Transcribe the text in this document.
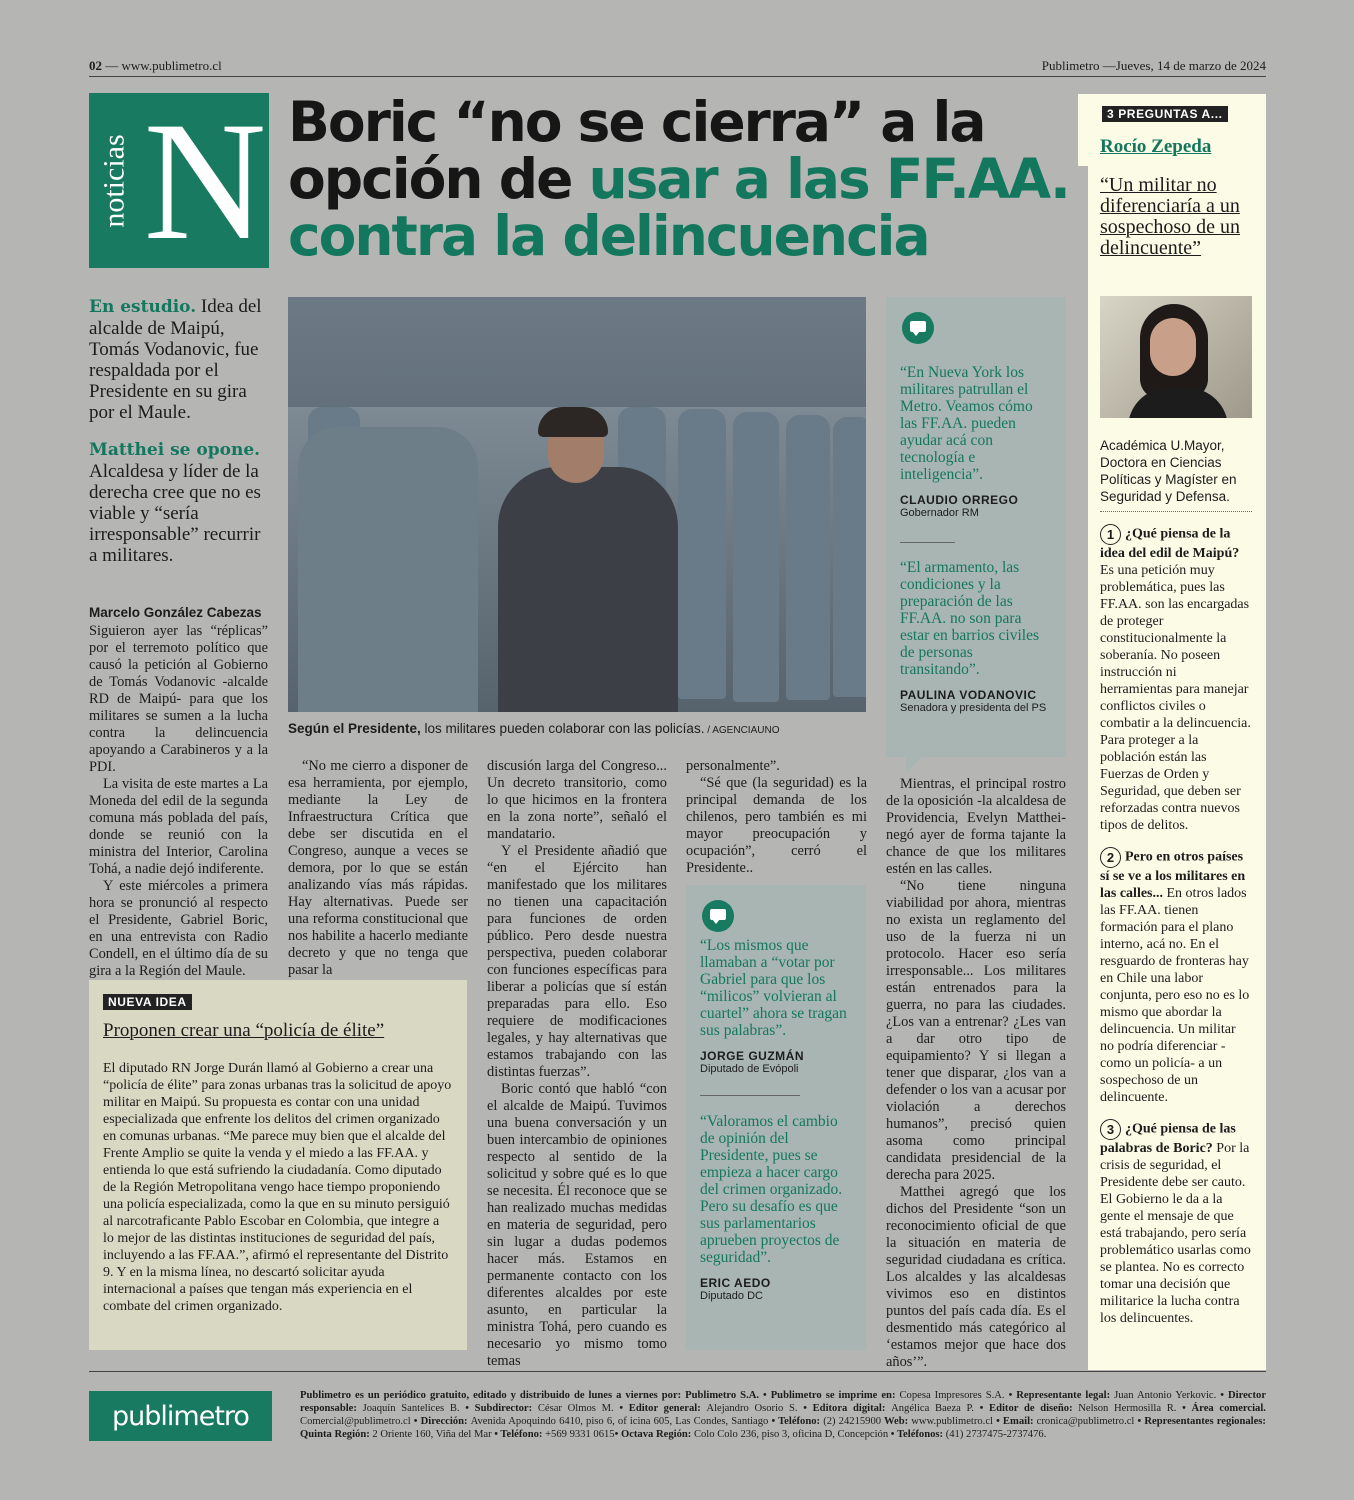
02 — www.publimetro.cl	Publimetro —Jueves, 14 de marzo de 2024
noticias N Boric “no se cierra” a la opción de usar a las FF.AA. contra la delincuencia
En estudio. Idea del alcalde de Maipú, Tomás Vodanovic, fue respaldada por el Presidente en su gira por el Maule.
Matthei se opone.
Alcaldesa y líder de la derecha cree que no es viable y “sería irresponsable” recurrir a militares.
Marcelo González Cabezas

Siguieron ayer las “réplicas” por el terremoto político que causó la petición al Gobierno de Tomás Vodanovic -alcalde RD de Maipú- para que los militares se sumen a la lucha contra la delincuencia apoyando a Carabineros y a la PDI.

La visita de este martes a La Moneda del edil de la segunda comuna más poblada del país, donde se reunió con la ministra del Interior, Carolina Tohá, a nadie dejó indiferente.

Y este miércoles a primera hora se pronunció al respecto el Presidente, Gabriel Boric, en una entrevista con Radio Condell, en el último día de su gira a la Región del Maule.

Según el Presidente, los militares pueden colaborar con las policías. / AGENCIAUNO

“No me cierro a disponer de esa herramienta, por ejemplo, mediante la Ley de Infraestructura Crítica que debe ser discutida en el Congreso, aunque a veces se demora, por lo que se están analizando vías más rápidas. Hay alternativas. Puede ser una reforma constitucional que nos habilite a hacerlo mediante decreto y que no tenga que pasar la

discusión larga del Congreso... Un decreto transitorio, como lo que hicimos en la frontera en la zona norte”, señaló el mandatario.

Y el Presidente añadió que “en el Ejército han manifestado que los militares no tienen una capacitación para funciones de orden público. Pero desde nuestra perspectiva, pueden colaborar con funciones específicas para liberar a policías que sí están preparadas para ello. Eso requiere de modificaciones legales, y hay alternativas que estamos trabajando con las distintas fuerzas”.

Boric contó que habló “con el alcalde de Maipú. Tuvimos una buena conversación y un buen intercambio de opiniones respecto al sentido de la solicitud y sobre qué es lo que se necesita. Él reconoce que se han realizado muchas medidas en materia de seguridad, pero sin lugar a dudas podemos hacer más. Estamos en permanente contacto con los diferentes alcaldes por este asunto, en particular la ministra Tohá, pero cuando es necesario yo mismo tomo temas

personalmente”.

“Sé que (la seguridad) es la principal demanda de los chilenos, pero también es mi mayor preocupación y ocupación”, cerró el Presidente..

“En Nueva York los militares patrullan el Metro. Veamos cómo las FF.AA. pueden ayudar acá con tecnología e inteligencia”.
CLAUDIO ORREGO
Gobernador RM
“El armamento, las condiciones y la preparación de las FF.AA. no son para estar en barrios civiles de personas transitando”.
PAULINA VODANOVIC
Senadora y presidenta del PS

Mientras, el principal rostro de la oposición -la alcaldesa de Providencia, Evelyn Matthei- negó ayer de forma tajante la chance de que los militares estén en las calles.

“No tiene ninguna viabilidad por ahora, mientras no exista un reglamento del uso de la fuerza ni un protocolo. Hacer eso sería irresponsable... Los militares están entrenados para la guerra, no para las ciudades. ¿Los van a entrenar? ¿Les van a dar otro tipo de equipamiento? Y si llegan a tener que disparar, ¿los van a defender o los van a acusar por violación a derechos humanos”, precisó quien asoma como principal candidata presidencial de la derecha para 2025.

Matthei agregó que los dichos del Presidente “son un reconocimiento oficial de que la situación en materia de seguridad ciudadana es crítica. Los alcaldes y las alcaldesas vivimos eso en distintos puntos del país cada día. Es el desmentido más categórico al ‘estamos mejor que hace dos años’”.

“Los mismos que llamaban a “votar por Gabriel para que los “milicos” volvieran al cuartel” ahora se tragan sus palabras”.
JORGE GUZMÁN
Diputado de Evópoli
“Valoramos el cambio de opinión del Presidente, pues se empieza a hacer cargo del crimen organizado. Pero su desafío es que sus parlamentarios aprueben proyectos de seguridad”.
ERIC AEDO
Diputado DC
NUEVA IDEA
Proponen crear una “policía de élite”
El diputado RN Jorge Durán llamó al Gobierno a crear una “policía de élite” para zonas urbanas tras la solicitud de apoyo militar en Maipú. Su propuesta es contar con una unidad especializada que enfrente los delitos del crimen organizado en comunas urbanas. “Me parece muy bien que el alcalde del Frente Amplio se quite la venda y el miedo a las FF.AA. y entienda lo que está sufriendo la ciudadanía. Como diputado de la Región Metropolitana vengo hace tiempo proponiendo una policía especializada, como la que en su minuto persiguió al narcotraficante Pablo Escobar en Colombia, que integre a lo mejor de las distintas instituciones de seguridad del país, incluyendo a las FF.AA.”, afirmó el representante del Distrito 9. Y en la misma línea, no descartó solicitar ayuda internacional a países que tengan más experiencia en el combate del crimen organizado.
3 PREGUNTAS A...
Rocío Zepeda
“Un militar no diferenciaría a un sospechoso de un delincuente”
Académica U.Mayor, Doctora en Ciencias Políticas y Magíster en Seguridad y Defensa.
1 ¿Qué piensa de la idea del edil de Maipú? Es una petición muy problemática, pues las FF.AA. son las encargadas de proteger constitucionalmente la soberanía. No poseen instrucción ni herramientas para manejar conflictos civiles o combatir a la delincuencia. Para proteger a la población están las Fuerzas de Orden y Seguridad, que deben ser reforzadas contra nuevos tipos de delitos.
2 Pero en otros países sí se ve a los militares en las calles... En otros lados las FF.AA. tienen formación para el plano interno, acá no. En el resguardo de fronteras hay en Chile una labor conjunta, pero eso no es lo mismo que abordar la delincuencia. Un militar no podría diferenciar -como un policía- a un sospechoso de un delincuente.
3 ¿Qué piensa de las palabras de Boric? Por la crisis de seguridad, el Presidente debe ser cauto. El Gobierno le da a la gente el mensaje de que está trabajando, pero sería problemático usarlas como se plantea. No es correcto tomar una decisión que militarice la lucha contra los delincuentes.
publimetro
Publimetro es un periódico gratuito, editado y distribuido de lunes a viernes por: Publimetro S.A. • Publimetro se imprime en: Copesa Impresores S.A. • Representante legal: Juan Antonio Yerkovic. • Director responsable: Joaquín Santelices B. • Subdirector: César Olmos M. • Editor general: Alejandro Osorio S. • Editora digital: Angélica Baeza P. • Editor de diseño: Nelson Hermosilla R. • Área comercial. Comercial@publimetro.cl • Dirección: Avenida Apoquindo 6410, piso 6, of icina 605, Las Condes, Santiago • Teléfono: (2) 24215900 Web: www.publimetro.cl • Email: cronica@publimetro.cl • Representantes regionales: Quinta Región: 2 Oriente 160, Viña del Mar • Teléfono: +569 9331 0615• Octava Región: Colo Colo 236, piso 3, oficina D, Concepción • Teléfonos: (41) 2737475-2737476.
